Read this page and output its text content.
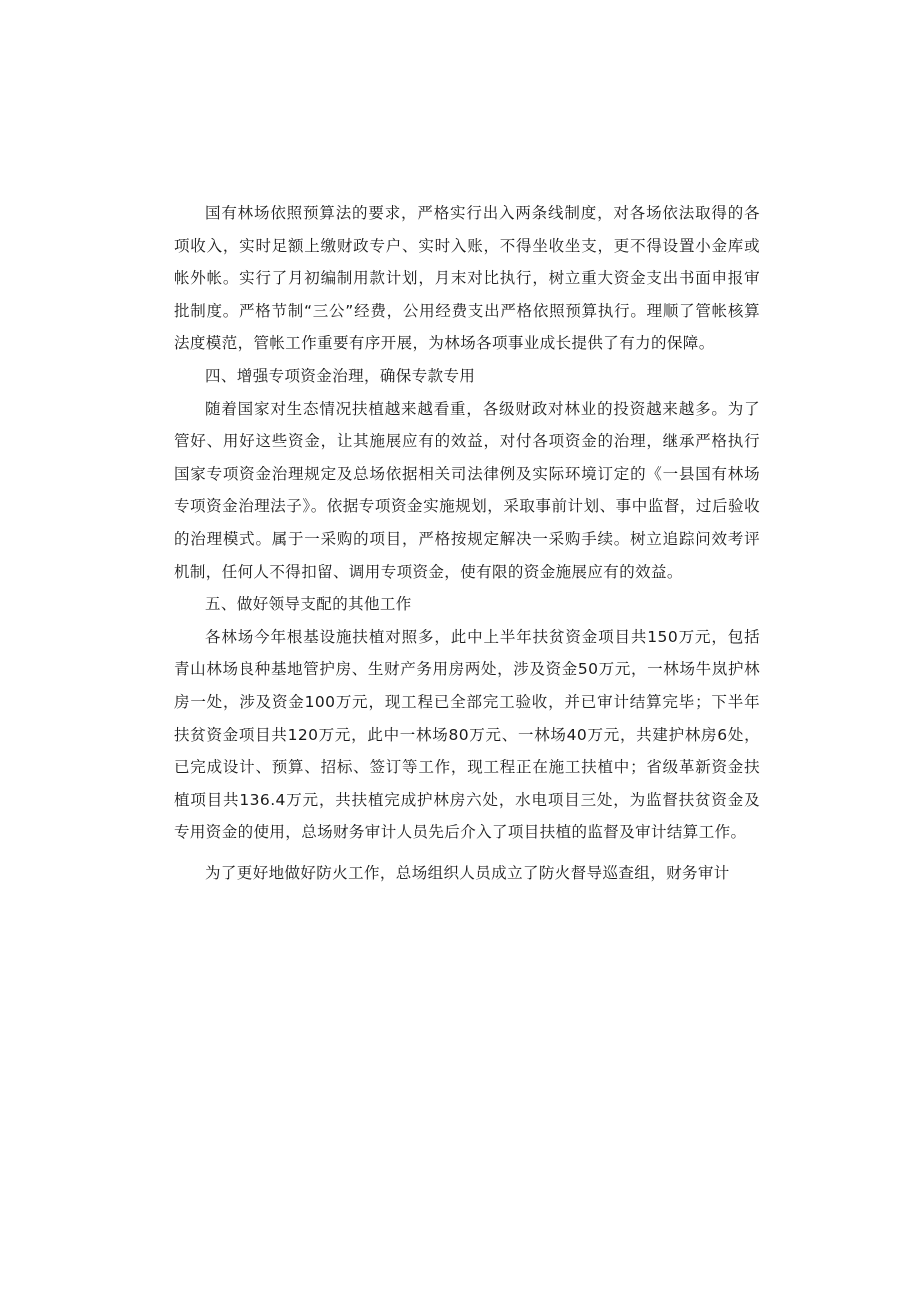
国有林场依照预算法的要求，严格实行出入两条线制度，对各场依法取得的各项收入，实时足额上缴财政专户、实时入账，不得坐收坐支，更不得设置小金库或帐外帐。实行了月初编制用款计划，月末对比执行，树立重大资金支出书面申报审批制度。严格节制“三公”经费，公用经费支出严格依照预算执行。理顺了管帐核算法度模范，管帐工作重要有序开展，为林场各项事业成长提供了有力的保障。

四、增强专项资金治理，确保专款专用

随着国家对生态情况扶植越来越看重，各级财政对林业的投资越来越多。为了管好、用好这些资金，让其施展应有的效益，对付各项资金的治理，继承严格执行国家专项资金治理规定及总场依据相关司法律例及实际环境订定的《一县国有林场专项资金治理法子》。依据专项资金实施规划，采取事前计划、事中监督，过后验收的治理模式。属于一采购的项目，严格按规定解决一采购手续。树立追踪问效考评机制，任何人不得扣留、调用专项资金，使有限的资金施展应有的效益。

五、做好领导支配的其他工作

各林场今年根基设施扶植对照多，此中上半年扶贫资金项目共150万元，包括青山林场良种基地管护房、生财产务用房两处，涉及资金50万元，一林场牛岚护林房一处，涉及资金100万元，现工程已全部完工验收，并已审计结算完毕；下半年扶贫资金项目共120万元，此中一林场80万元、一林场40万元，共建护林房6处，已完成设计、预算、招标、签订等工作，现工程正在施工扶植中；省级革新资金扶植项目共136.4万元，共扶植完成护林房六处，水电项目三处，为监督扶贫资金及专用资金的使用，总场财务审计人员先后介入了项目扶植的监督及审计结算工作。

为了更好地做好防火工作，总场组织人员成立了防火督导巡查组，财务审计
